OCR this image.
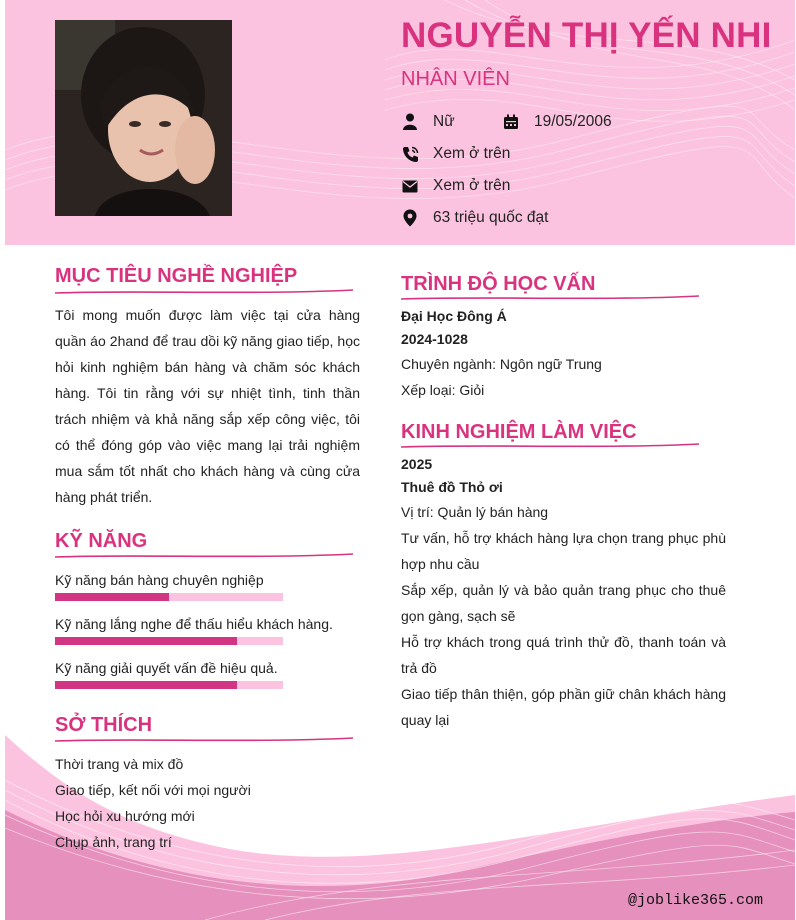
NGUYỄN THỊ YẾN NHI
NHÂN VIÊN
Nữ	19/05/2006
Xem ở trên
Xem ở trên
63 triệu quốc đạt
MỤC TIÊU NGHỀ NGHIỆP
Tôi mong muốn được làm việc tại cửa hàng quần áo 2hand để trau dồi kỹ năng giao tiếp, học hỏi kinh nghiệm bán hàng và chăm sóc khách hàng. Tôi tin rằng với sự nhiệt tình, tinh thần trách nhiệm và khả năng sắp xếp công việc, tôi có thể đóng góp vào việc mang lại trải nghiệm mua sắm tốt nhất cho khách hàng và cùng cửa hàng phát triển.
KỸ NĂNG
Kỹ năng bán hàng chuyên nghiệp
Kỹ năng lắng nghe để thấu hiểu khách hàng.
Kỹ năng giải quyết vấn đề hiệu quả.
SỞ THÍCH
Thời trang và mix đồ
Giao tiếp, kết nối với mọi người
Học hỏi xu hướng mới
Chụp ảnh, trang trí
TRÌNH ĐỘ HỌC VẤN
Đại Học Đông Á
2024-1028
Chuyên ngành: Ngôn ngữ Trung
Xếp loại: Giỏi
KINH NGHIỆM LÀM VIỆC
2025
Thuê đồ Thỏ ơi
Vị trí: Quản lý bán hàng
Tư vấn, hỗ trợ khách hàng lựa chọn trang phục phù hợp nhu cầu
Sắp xếp, quản lý và bảo quản trang phục cho thuê gọn gàng, sạch sẽ
Hỗ trợ khách trong quá trình thử đồ, thanh toán và trả đồ
Giao tiếp thân thiện, góp phần giữ chân khách hàng quay lại
@joblike365.com
